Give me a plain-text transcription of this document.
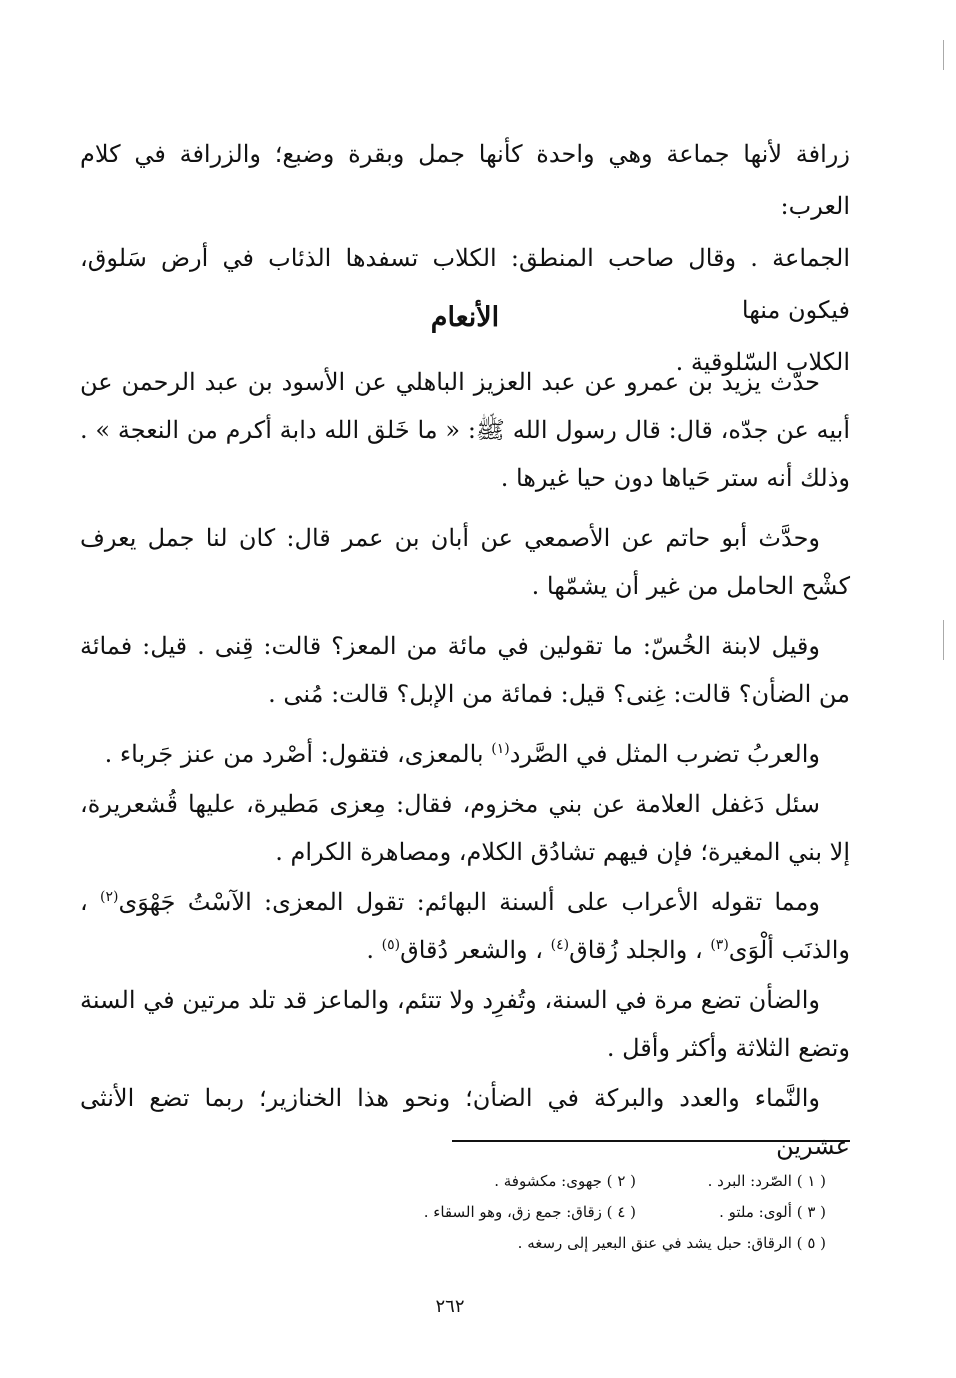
زرافة لأنها جماعة وهي واحدة كأنها جمل وبقرة وضبع؛ والزرافة في كلام العرب:

الجماعة . وقال صاحب المنطق: الكلاب تسفدها الذئاب في أرض سَلوق، فيكون منها

الكلاب السّلوقية .

الأنعام

حدّث يزيد بن عمرو عن عبد العزيز الباهلي عن الأسود بن عبد الرحمن عن أبيه عن جدّه، قال: قال رسول الله ﷺ: « ما خَلق الله دابة أكرم من النعجة » . وذلك أنه ستر حَياها دون حيا غيرها .

وحدَّث أبو حاتم عن الأصمعي عن أبان بن عمر قال: كان لنا جمل يعرف كشْح الحامل من غير أن يشمّها .

وقيل لابنة الخُسّ: ما تقولين في مائة من المعز؟ قالت: قِنى . قيل: فمائة من الضأن؟ قالت: غِنى؟ قيل: فمائة من الإبل؟ قالت: مُنى .

والعربُ تضرب المثل في الصَّرد$^{(١)}$ بالمعزى، فتقول: أصْرد من عنز جَرباء .

سئل دَغفل العلامة عن بني مخزوم، فقال: مِعزى مَطيرة، عليها قُشعريرة، إلا بني المغيرة؛ فإن فيهم تشادُق الكلام، ومصاهرة الكرام .

ومما تقوله الأعراب على ألسنة البهائم: تقول المعزى: الآسْتُ جَهْوَى$^{(٢)}$ ، والذنَب ألْوَى$^{(٣)}$ ، والجلد زُقاق$^{(٤)}$ ، والشعر دُقاق$^{(٥)}$ .

والضأن تضع مرة في السنة، وتُفرِد ولا تتئم، والماعز قد تلد مرتين في السنة وتضع الثلاثة وأكثر وأقل .

والنَّماء والعدد والبركة في الضأن؛ ونحو هذا الخنازير؛ ربما تضع الأنثى عشرين

( ١ ) الصّرد: البرد .
( ٢ ) جهوى: مكشوفة .
( ٣ ) ألوى: ملتو .
( ٤ ) زقاق: جمع زق، وهو السقاء .
( ٥ ) الرقاق: حبل يشد في عنق البعير إلى رسغه .
٢٦٢
